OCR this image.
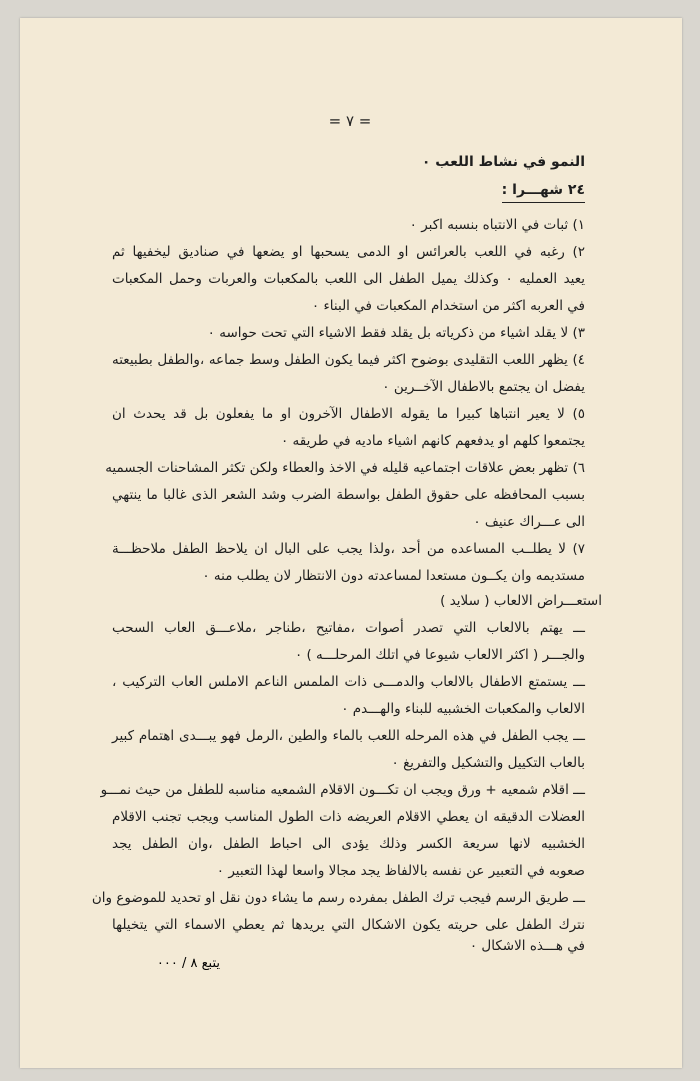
= ٧ =
النمو في نشاط اللعب ٠
٢٤ شهـــرا :
١) ثبات في الانتباه بنسبه اكبر ٠
٢) رغبه في اللعب بالعرائس او الدمى يسحبها او يضعها في صناديق ليخفيها ثم
يعيد العمليه ٠ وكذلك يميل الطفل الى اللعب بالمكعبات والعربات وحمل المكعبات
في العربه اكثر من استخدام المكعبات في البناء ٠
٣) لا يقلد اشياء من ذكرياته بل يقلد فقط الاشياء التي تحت حواسه ٠
٤) يظهر اللعب التقليدى بوضوح اكثر فيما يكون الطفل وسط جماعه ،والطفل بطبيعته
يفضل ان يجتمع بالاطفال الآخــرين ٠
٥) لا يعير انتباها كبيرا ما يقوله الاطفال الآخرون او ما يفعلون بل قد يحدث ان
يجتمعوا كلهم او يدفعهم كانهم اشياء ماديه في طريقه ٠
٦) تظهر بعض علاقات اجتماعيه قليله في الاخذ والعطاء ولكن تكثر المشاحنات الجسميه
بسبب المحافظه على حقوق الطفل بواسطة الضرب وشد الشعر الذى غالبا ما ينتهي
الى عـــراك عنيف ٠
٧) لا يطلــب المساعده من أحد ،ولذا يجب على البال ان يلاحظ الطفل ملاحظـــة
مستديمه وان يكــون مستعدا لمساعدته دون الانتظار لان يطلب منه ٠
استعـــراض الالعاب ( سلايد )
ـــ يهتم بالالعاب التي تصدر أصوات ،مفاتيح ،طناجر ،ملاعـــق العاب السحب
والجـــر ( اكثر الالعاب شيوعا في اتلك المرحلـــه ) ٠
ـــ يستمتع الاطفال بالالعاب والدمـــى ذات الملمس الناعم الاملس العاب التركيب ،
الالعاب والمكعبات الخشبيه للبناء والهـــدم ٠
ـــ يجب الطفل في هذه المرحله اللعب بالماء والطين ،الرمل فهو يبـــدى اهتمام كبير
بالعاب التكييل والتشكيل والتفريغ ٠
ـــ اقلام شمعيه + ورق ويجب ان تكـــون الاقلام الشمعيه مناسبه للطفل من حيث نمـــو
العضلات الدقيقه ان يعطي الاقلام العريضه ذات الطول المناسب ويجب تجنب الاقلام
الخشبيه لانها سريعة الكسر وذلك يؤدى الى احباط الطفل ،وان الطفل يجد
صعوبه في التعبير عن نفسه بالالفاظ يجد مجالا واسعا لهذا التعبير ٠
ـــ طريق الرسم فيجب ترك الطفل بمفرده رسم ما يشاء دون نقل او تحديد للموضوع وان
نترك الطفل على حريته يكون الاشكال التي يريدها ثم يعطي الاسماء التي يتخيلها
في هـــذه الاشكال ٠
يتبع ٨ / ٠٠٠
